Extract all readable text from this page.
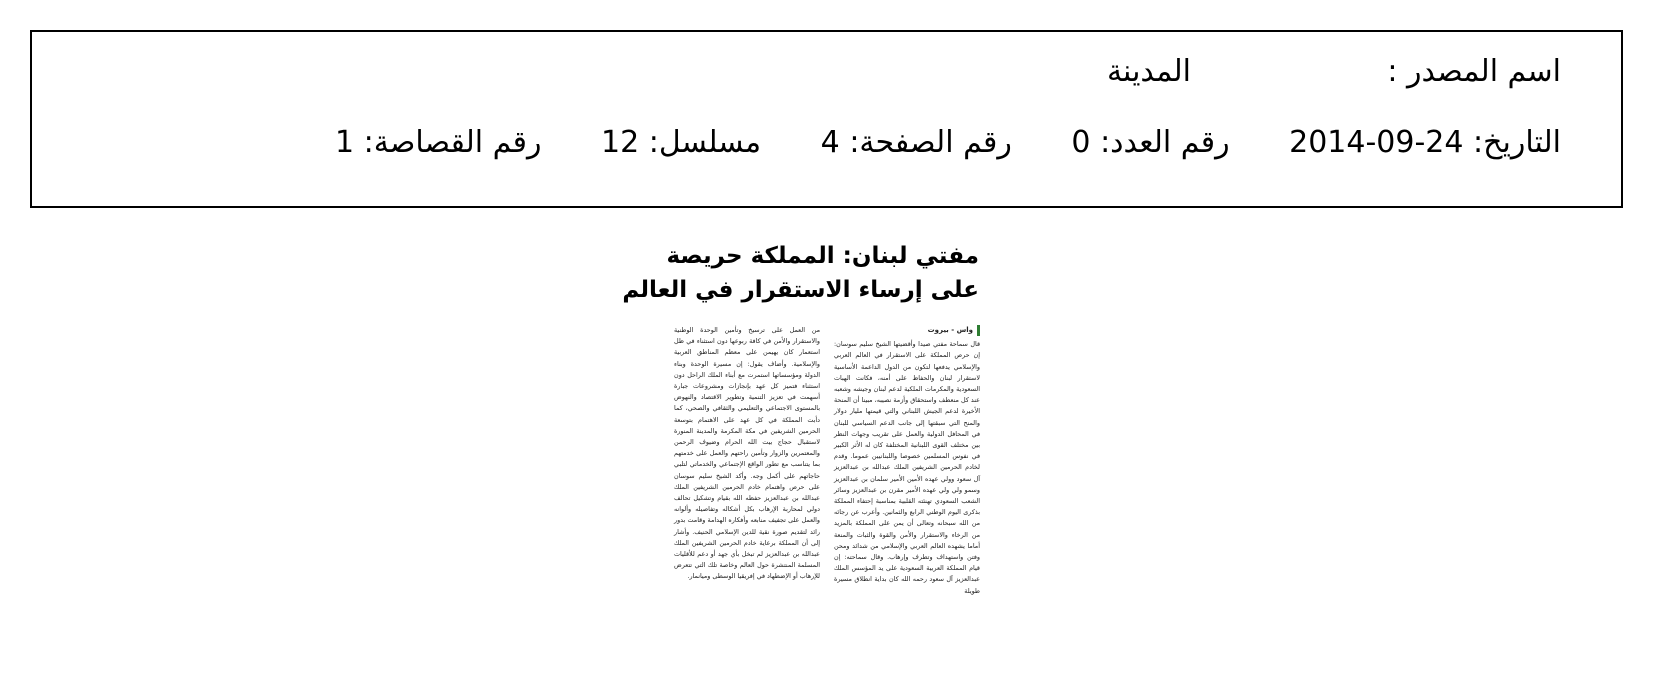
اسم المصدر :
المدينة
التاريخ: 2014-09-24 رقم العدد: 0 رقم الصفحة: 4 مسلسل: 12 رقم القصاصة: 1
مفتي لبنان: المملكة حريصة
على إرساء الاستقرار في العالم
واس - بيروت

قال سماحة مفتي صيدا وأقضيتها الشيخ سليم سوسان: إن حرص المملكة على الاستقرار في العالم العربي والإسلامي يدفعها لتكون من الدول الداعمة الأساسية لاستقرار لبنان والحفاظ على أمنه، فكانت الهبات السعودية والمكرمات الملكية لدعم لبنان وجيشه وشعبه عند كل منعطف واستحقاق وأزمة نصيبه، مبينا أن المنحة الأخيرة لدعم الجيش اللبناني والتي قيمتها مليار دولار والمنح التي سبقتها إلى جانب الدعم السياسي للبنان في المحافل الدولية والعمل على تقريب وجهات النظر بين مختلف القوى اللبنانية المختلفة كان له الأثر الكبير في نفوس المسلمين خصوصا واللبنانيين عموما. وقدم لخادم الحرمين الشريفين الملك عبدالله بن عبدالعزيز آل سعود وولي عهده الأمين الأمير سلمان بن عبدالعزيز وسمو ولي ولي عهده الأمير مقرن بن عبدالعزيز وسائر الشعب السعودي تهنئته القلبية بمناسبة إحتفاء المملكة بذكرى اليوم الوطني الرابع والثمانين. وأعرب عن رجائه من الله سبحانه وتعالى أن يمن على المملكة بالمزيد من الرخاء والاستقرار والأمن والقوة والثبات والمنعة أماما يشهده العالم العربي والإسلامي من شدائد ومحن وفتن واستهداف وتطرف وإرهاب. وقال سماحته: إن قيام المملكة العربية السعودية على يد المؤسس الملك عبدالعزيز آل سعود رحمه الله كان بداية انطلاق مسيرة طويلة

من العمل على ترسيخ وتأمين الوحدة الوطنية والاستقرار والأمن في كافة ربوعها دون استثناء في ظل استعمار كان يهيمن على معظم المناطق العربية والإسلامية. وأضاف يقول: إن مسيرة الوحدة وبناء الدولة ومؤسساتها استمرت مع أبناء الملك الراحل دون استثناء فتميز كل عهد بإنجازات ومشروعات جبارة أسهمت في تعزيز التنمية وتطوير الاقتصاد والنهوض بالمستوى الاجتماعي والتعليمي والثقافي والصحي، كما دأبت المملكة في كل عهد على الاهتمام بتوسعة الحرمين الشريفين في مكة المكرمة والمدينة المنورة لاستقبال حجاج بيت الله الحرام وضيوف الرحمن والمعتمرين والزوار وتأمين راحتهم والعمل على خدمتهم بما يتناسب مع تطور الواقع الإجتماعي والخدماتي لتلبي حاجاتهم على أكمل وجه. وأكد الشيخ سليم سوسان على حرص واهتمام خادم الحرمين الشريفين الملك عبدالله بن عبدالعزيز حفظه الله بقيام وتشكيل تحالف دولي لمحاربة الإرهاب بكل أشكاله وتفاصيله وألوانه والعمل على تجفيف منابعه وأفكاره الهدامة وقامت بدور رائد لتقديم صورة نقية للدين الإسلامي الحنيف. وأشار إلى أن المملكة برعاية خادم الحرمين الشريفين الملك عبدالله بن عبدالعزيز لم تبخل بأي جهد أو دعم للأقليات المسلمة المنتشرة حول العالم وخاصة تلك التي تتعرض للإرهاب أو الإضطهاد في إفريقيا الوسطى وميانمار.
